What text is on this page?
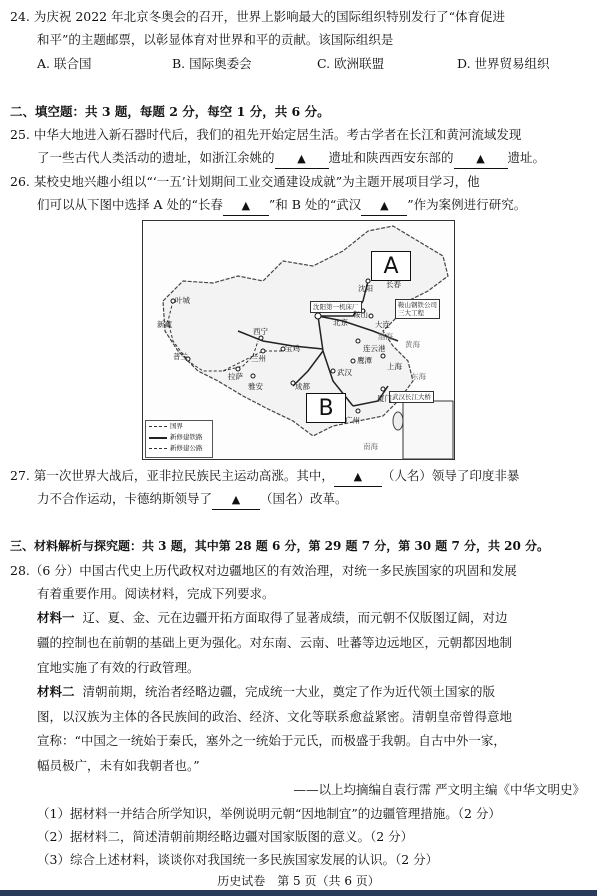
24. 为庆祝 2022 年北京冬奥会的召开，世界上影响最大的国际组织特别发行了“体育促进
和平”的主题邮票，以彰显体育对世界和平的贡献。该国际组织是
A. 联合国	B. 国际奥委会	C. 欧洲联盟	D. 世界贸易组织
二、填空题：共 3 题，每题 2 分，每空 1 分，共 6 分。
25. 中华大地进入新石器时代后，我们的祖先开始定居生活。考古学者在长江和黄河流域发现
了一些古代人类活动的遗址，如浙江余姚的 ▲ 遗址和陕西西安东部的 ▲ 遗址。
26. 某校史地兴趣小组以“‘一五’计划期间工业交通建设成就”为主题开展项目学习，他
们可以从下图中选择 A 处的“长春 ▲ ”和 B 处的“武汉 ▲ ”作为案例进行研究。
A
B
沈阳第一机床厂	鞍山钢铁公司
三大工程
武汉长江大桥
叶城
新藏
普兰
拉萨
雅安
西宁
兰州
宝鸡
成都
北京
沈阳 长春
大连
鞍山
连云港
上海
武汉
鹰潭
广州
厦门
渤海
黄海
东海
南海
国界
新修建铁路
新修建公路
27. 第一次世界大战后，亚非拉民族民主运动高涨。其中， ▲ （人名）领导了印度非暴
力不合作运动，卡德纳斯领导了 ▲ （国名）改革。
三、材料解析与探究题：共 3 题，其中第 28 题 6 分，第 29 题 7 分，第 30 题 7 分，共 20 分。
28.（6 分）中国古代史上历代政权对边疆地区的有效治理，对统一多民族国家的巩固和发展
有着重要作用。阅读材料，完成下列要求。
材料一 辽、夏、金、元在边疆开拓方面取得了显著成绩，而元朝不仅版图辽阔，对边
疆的控制也在前朝的基础上更为强化。对东南、云南、吐蕃等边远地区，元朝都因地制
宜地实施了有效的行政管理。
材料二 清朝前期，统治者经略边疆，完成统一大业，奠定了作为近代领土国家的版
图，以汉族为主体的各民族间的政治、经济、文化等联系愈益紧密。清朝皇帝曾得意地
宣称：“中国之一统始于秦氏，塞外之一统始于元氏，而极盛于我朝。自古中外一家，
幅员极广，未有如我朝者也。”
——以上均摘编自袁行霈 严文明主编《中华文明史》
（1）据材料一并结合所学知识，举例说明元朝“因地制宜”的边疆管理措施。（2 分）
（2）据材料二，简述清朝前期经略边疆对国家版图的意义。（2 分）
（3）综合上述材料，谈谈你对我国统一多民族国家发展的认识。（2 分）
历史试卷　第 5 页（共 6 页）
